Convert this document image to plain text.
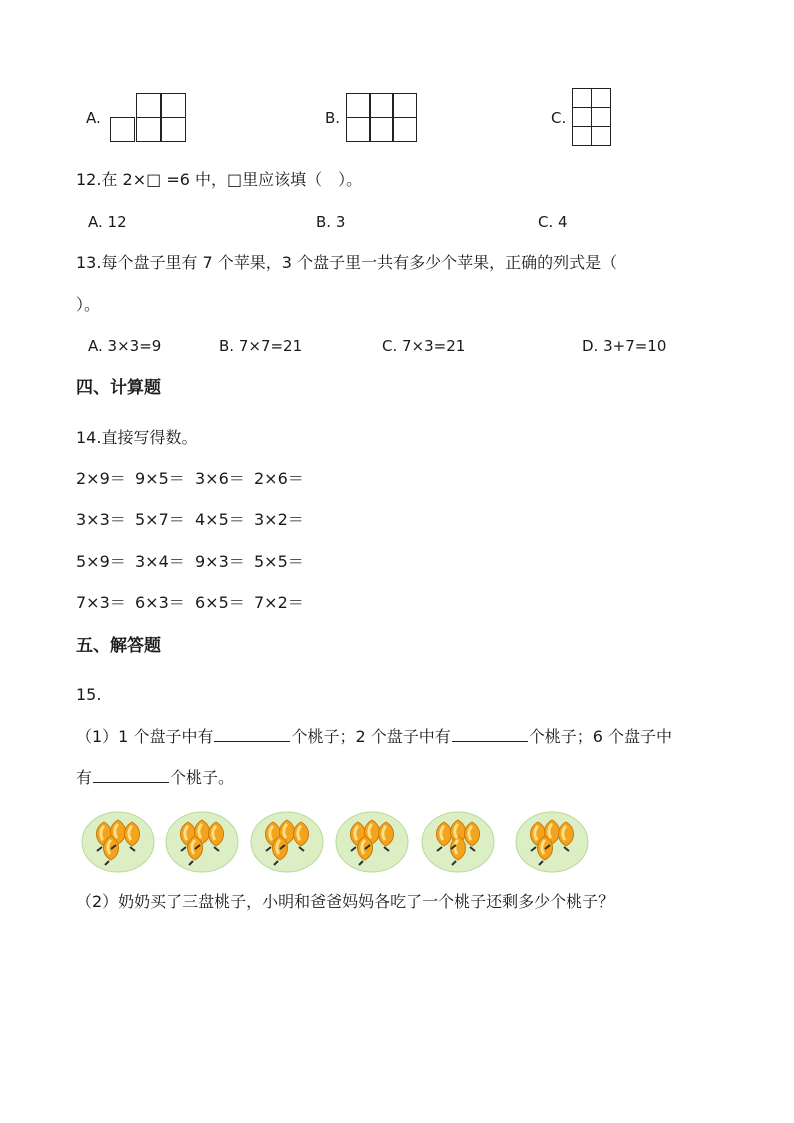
A.	B.	C.
12.在 2×□ =6 中，□里应该填（　）。
A. 12	B. 3	C. 4
13.每个盘子里有 7 个苹果，3 个盘子里一共有多少个苹果，正确的列式是（
）。
A. 3×3=9	B. 7×7=21	C. 7×3=21	D. 3+7=10
四、计算题
14.直接写得数。
2×9＝ 9×5＝ 3×6＝ 2×6＝
3×3＝ 5×7＝ 4×5＝ 3×2＝
5×9＝ 3×4＝ 9×3＝ 5×5＝
7×3＝ 6×3＝ 6×5＝ 7×2＝
五、解答题
15.
（1）1 个盘子中有	个桃子；2 个盘子中有	个桃子；6 个盘子中
有	个桃子。
（2）奶奶买了三盘桃子，小明和爸爸妈妈各吃了一个桃子还剩多少个桃子？
